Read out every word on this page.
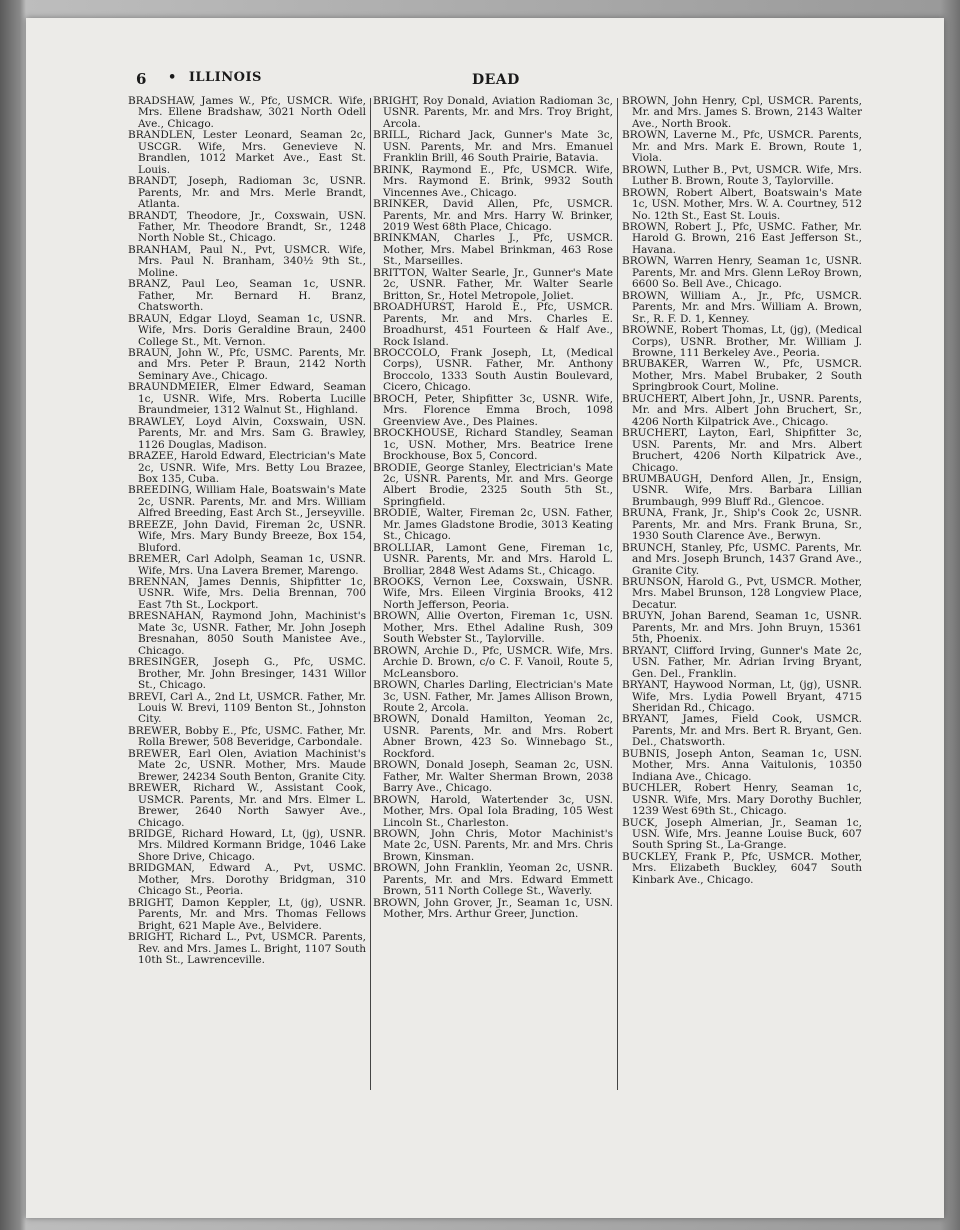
6 • ILLINOIS	DEAD

BRADSHAW, James W., Pfc, USMCR. Wife, Mrs. Ellene Bradshaw, 3021 North Odell Ave., Chicago.

BRANDLEN, Lester Leonard, Seaman 2c, USCGR. Wife, Mrs. Genevieve N. Brandlen, 1012 Market Ave., East St. Louis.

BRANDT, Joseph, Radioman 3c, USNR. Parents, Mr. and Mrs. Merle Brandt, Atlanta.

BRANDT, Theodore, Jr., Coxswain, USN. Father, Mr. Theodore Brandt, Sr., 1248 North Noble St., Chicago.

BRANHAM, Paul N., Pvt, USMCR. Wife, Mrs. Paul N. Branham, 340½ 9th St., Moline.

BRANZ, Paul Leo, Seaman 1c, USNR. Father, Mr. Bernard H. Branz, Chatsworth.

BRAUN, Edgar Lloyd, Seaman 1c, USNR. Wife, Mrs. Doris Geraldine Braun, 2400 College St., Mt. Vernon.

BRAUN, John W., Pfc, USMC. Parents, Mr. and Mrs. Peter P. Braun, 2142 North Seminary Ave., Chicago.

BRAUNDMEIER, Elmer Edward, Seaman 1c, USNR. Wife, Mrs. Roberta Lucille Braundmeier, 1312 Walnut St., Highland.

BRAWLEY, Loyd Alvin, Coxswain, USN. Parents, Mr. and Mrs. Sam G. Brawley, 1126 Douglas, Madison.

BRAZEE, Harold Edward, Electrician's Mate 2c, USNR. Wife, Mrs. Betty Lou Brazee, Box 135, Cuba.

BREEDING, William Hale, Boatswain's Mate 2c, USNR. Parents, Mr. and Mrs. William Alfred Breeding, East Arch St., Jerseyville.

BREEZE, John David, Fireman 2c, USNR. Wife, Mrs. Mary Bundy Breeze, Box 154, Bluford.

BREMER, Carl Adolph, Seaman 1c, USNR. Wife, Mrs. Una Lavera Bremer, Marengo.

BRENNAN, James Dennis, Shipfitter 1c, USNR. Wife, Mrs. Delia Brennan, 700 East 7th St., Lockport.

BRESNAHAN, Raymond John, Machinist's Mate 3c, USNR. Father, Mr. John Joseph Bresnahan, 8050 South Manistee Ave., Chicago.

BRESINGER, Joseph G., Pfc, USMC. Brother, Mr. John Bresinger, 1431 Willor St., Chicago.

BREVI, Carl A., 2nd Lt, USMCR. Father, Mr. Louis W. Brevi, 1109 Benton St., Johnston City.

BREWER, Bobby E., Pfc, USMC. Father, Mr. Rolla Brewer, 508 Beveridge, Carbondale.

BREWER, Earl Olen, Aviation Machinist's Mate 2c, USNR. Mother, Mrs. Maude Brewer, 24234 South Benton, Granite City.

BREWER, Richard W., Assistant Cook, USMCR. Parents, Mr. and Mrs. Elmer L. Brewer, 2640 North Sawyer Ave., Chicago.

BRIDGE, Richard Howard, Lt, (jg), USNR. Mrs. Mildred Kormann Bridge, 1046 Lake Shore Drive, Chicago.

BRIDGMAN, Edward A., Pvt, USMC. Mother, Mrs. Dorothy Bridgman, 310 Chicago St., Peoria.

BRIGHT, Damon Keppler, Lt, (jg), USNR. Parents, Mr. and Mrs. Thomas Fellows Bright, 621 Maple Ave., Belvidere.

BRIGHT, Richard L., Pvt, USMCR. Parents, Rev. and Mrs. James L. Bright, 1107 South 10th St., Lawrenceville.

BRIGHT, Roy Donald, Aviation Radioman 3c, USNR. Parents, Mr. and Mrs. Troy Bright, Arcola.

BRILL, Richard Jack, Gunner's Mate 3c, USN. Parents, Mr. and Mrs. Emanuel Franklin Brill, 46 South Prairie, Batavia.

BRINK, Raymond E., Pfc, USMCR. Wife, Mrs. Raymond E. Brink, 9932 South Vincennes Ave., Chicago.

BRINKER, David Allen, Pfc, USMCR. Parents, Mr. and Mrs. Harry W. Brinker, 2019 West 68th Place, Chicago.

BRINKMAN, Charles J., Pfc, USMCR. Mother, Mrs. Mabel Brinkman, 463 Rose St., Marseilles.

BRITTON, Walter Searle, Jr., Gunner's Mate 2c, USNR. Father, Mr. Walter Searle Britton, Sr., Hotel Metropole, Joliet.

BROADHURST, Harold E., Pfc, USMCR. Parents, Mr. and Mrs. Charles E. Broadhurst, 451 Fourteen & Half Ave., Rock Island.

BROCCOLO, Frank Joseph, Lt, (Medical Corps), USNR. Father, Mr. Anthony Broccolo, 1333 South Austin Boulevard, Cicero, Chicago.

BROCH, Peter, Shipfitter 3c, USNR. Wife, Mrs. Florence Emma Broch, 1098 Greenview Ave., Des Plaines.

BROCKHOUSE, Richard Standley, Seaman 1c, USN. Mother, Mrs. Beatrice Irene Brockhouse, Box 5, Concord.

BRODIE, George Stanley, Electrician's Mate 2c, USNR. Parents, Mr. and Mrs. George Albert Brodie, 2325 South 5th St., Springfield.

BRODIE, Walter, Fireman 2c, USN. Father, Mr. James Gladstone Brodie, 3013 Keating St., Chicago.

BROLLIAR, Lamont Gene, Fireman 1c, USNR. Parents, Mr. and Mrs. Harold L. Brolliar, 2848 West Adams St., Chicago.

BROOKS, Vernon Lee, Coxswain, USNR. Wife, Mrs. Eileen Virginia Brooks, 412 North Jefferson, Peoria.

BROWN, Allie Overton, Fireman 1c, USN. Mother, Mrs. Ethel Adaline Rush, 309 South Webster St., Taylorville.

BROWN, Archie D., Pfc, USMCR. Wife, Mrs. Archie D. Brown, c/o C. F. Vanoil, Route 5, McLeansboro.

BROWN, Charles Darling, Electrician's Mate 3c, USN. Father, Mr. James Allison Brown, Route 2, Arcola.

BROWN, Donald Hamilton, Yeoman 2c, USNR. Parents, Mr. and Mrs. Robert Abner Brown, 423 So. Winnebago St., Rockford.

BROWN, Donald Joseph, Seaman 2c, USN. Father, Mr. Walter Sherman Brown, 2038 Barry Ave., Chicago.

BROWN, Harold, Watertender 3c, USN. Mother, Mrs. Opal Iola Brading, 105 West Lincoln St., Charleston.

BROWN, John Chris, Motor Machinist's Mate 2c, USN. Parents, Mr. and Mrs. Chris Brown, Kinsman.

BROWN, John Franklin, Yeoman 2c, USNR. Parents, Mr. and Mrs. Edward Emmett Brown, 511 North College St., Waverly.

BROWN, John Grover, Jr., Seaman 1c, USN. Mother, Mrs. Arthur Greer, Junction.

BROWN, John Henry, Cpl, USMCR. Parents, Mr. and Mrs. James S. Brown, 2143 Walter Ave., North Brook.

BROWN, Laverne M., Pfc, USMCR. Parents, Mr. and Mrs. Mark E. Brown, Route 1, Viola.

BROWN, Luther B., Pvt, USMCR. Wife, Mrs. Luther B. Brown, Route 3, Taylorville.

BROWN, Robert Albert, Boatswain's Mate 1c, USN. Mother, Mrs. W. A. Courtney, 512 No. 12th St., East St. Louis.

BROWN, Robert J., Pfc, USMC. Father, Mr. Harold G. Brown, 216 East Jefferson St., Havana.

BROWN, Warren Henry, Seaman 1c, USNR. Parents, Mr. and Mrs. Glenn LeRoy Brown, 6600 So. Bell Ave., Chicago.

BROWN, William A., Jr., Pfc, USMCR. Parents, Mr. and Mrs. William A. Brown, Sr., R. F. D. 1, Kenney.

BROWNE, Robert Thomas, Lt, (jg), (Medical Corps), USNR. Brother, Mr. William J. Browne, 111 Berkeley Ave., Peoria.

BRUBAKER, Warren W., Pfc, USMCR. Mother, Mrs. Mabel Brubaker, 2 South Springbrook Court, Moline.

BRUCHERT, Albert John, Jr., USNR. Parents, Mr. and Mrs. Albert John Bruchert, Sr., 4206 North Kilpatrick Ave., Chicago.

BRUCHERT, Layton, Earl, Shipfitter 3c, USN. Parents, Mr. and Mrs. Albert Bruchert, 4206 North Kilpatrick Ave., Chicago.

BRUMBAUGH, Denford Allen, Jr., Ensign, USNR. Wife, Mrs. Barbara Lillian Brumbaugh, 999 Bluff Rd., Glencoe.

BRUNA, Frank, Jr., Ship's Cook 2c, USNR. Parents, Mr. and Mrs. Frank Bruna, Sr., 1930 South Clarence Ave., Berwyn.

BRUNCH, Stanley, Pfc, USMC. Parents, Mr. and Mrs. Joseph Brunch, 1437 Grand Ave., Granite City.

BRUNSON, Harold G., Pvt, USMCR. Mother, Mrs. Mabel Brunson, 128 Longview Place, Decatur.

BRUYN, Johan Barend, Seaman 1c, USNR. Parents, Mr. and Mrs. John Bruyn, 15361 5th, Phoenix.

BRYANT, Clifford Irving, Gunner's Mate 2c, USN. Father, Mr. Adrian Irving Bryant, Gen. Del., Franklin.

BRYANT, Haywood Norman, Lt, (jg), USNR. Wife, Mrs. Lydia Powell Bryant, 4715 Sheridan Rd., Chicago.

BRYANT, James, Field Cook, USMCR. Parents, Mr. and Mrs. Bert R. Bryant, Gen. Del., Chatsworth.

BUBNIS, Joseph Anton, Seaman 1c, USN. Mother, Mrs. Anna Vaitulonis, 10350 Indiana Ave., Chicago.

BUCHLER, Robert Henry, Seaman 1c, USNR. Wife, Mrs. Mary Dorothy Buchler, 1239 West 69th St., Chicago.

BUCK, Joseph Almerian, Jr., Seaman 1c, USN. Wife, Mrs. Jeanne Louise Buck, 607 South Spring St., La-Grange.

BUCKLEY, Frank P., Pfc, USMCR. Mother, Mrs. Elizabeth Buckley, 6047 South Kinbark Ave., Chicago.
